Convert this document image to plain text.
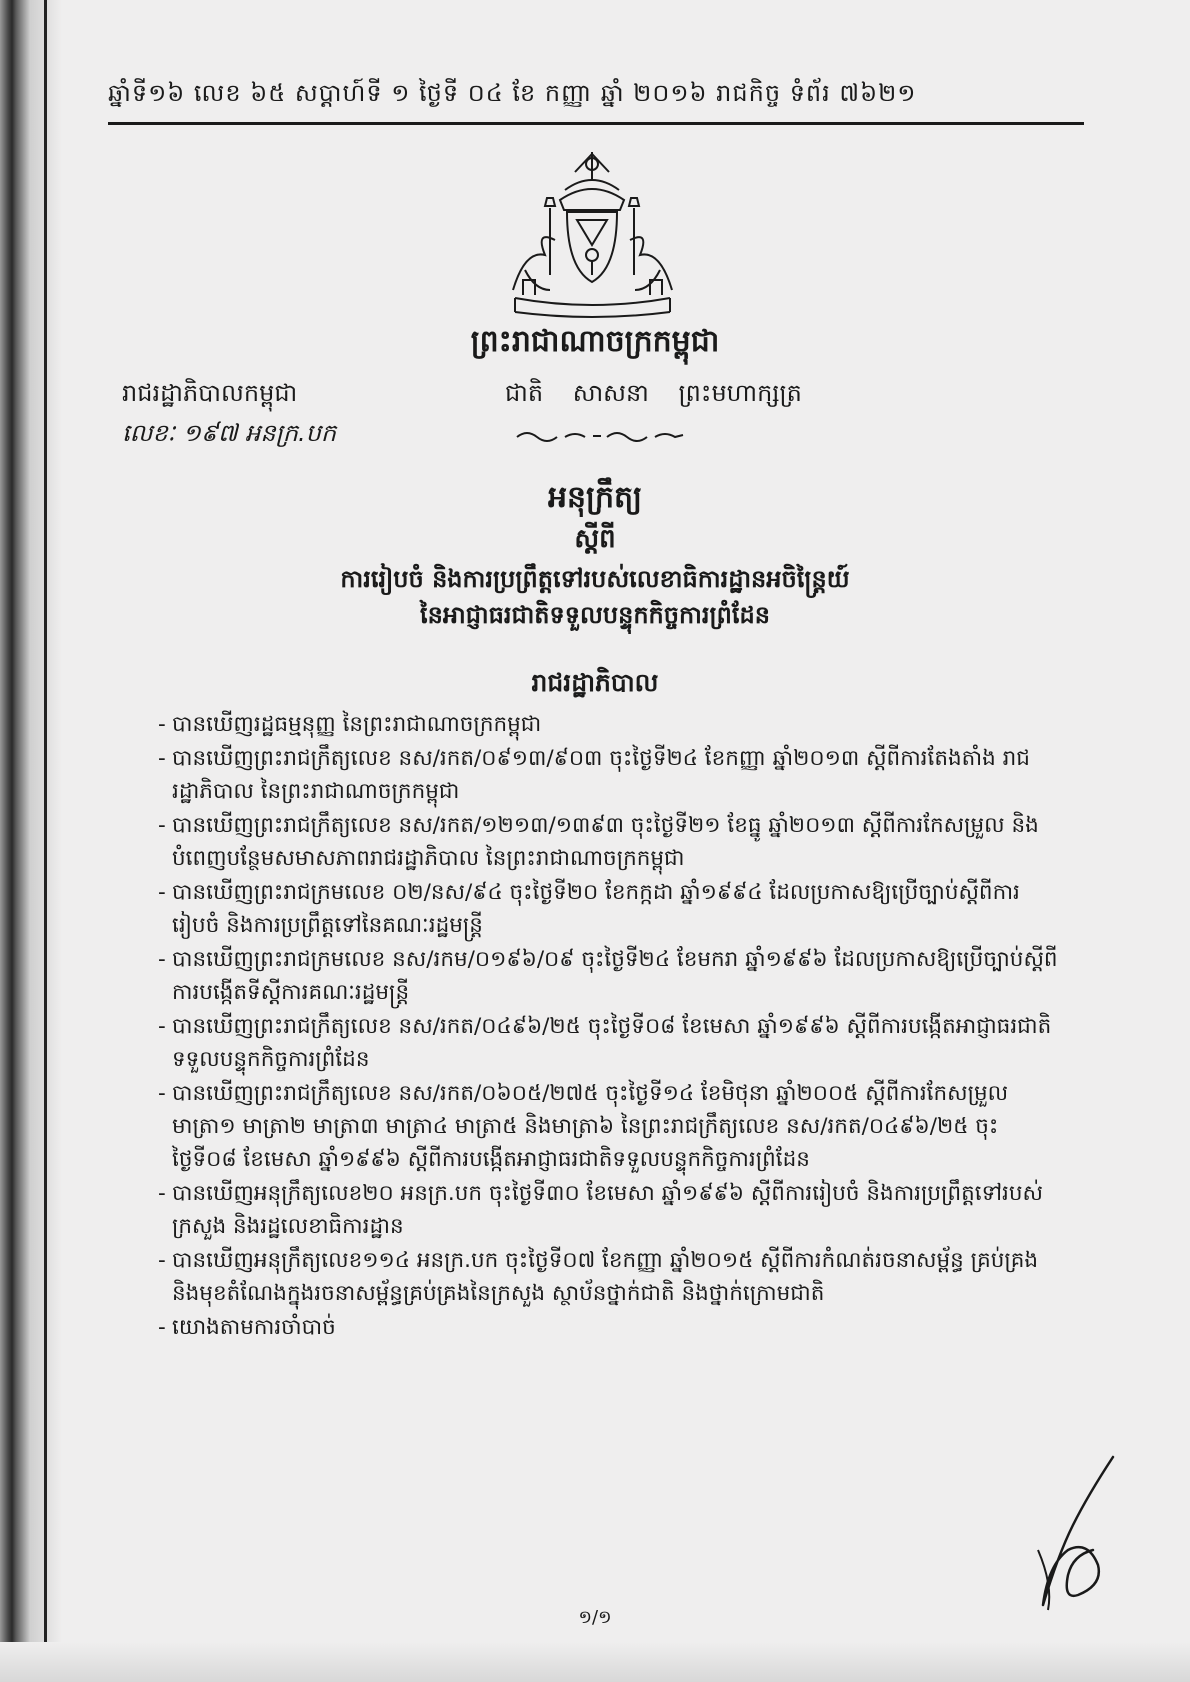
ឆ្នាំទី១៦ លេខ ៦៥ សប្ដាហ៍ទី ១ ថ្ងៃទី ០៤ ខែ កញ្ញា ឆ្នាំ ២០១៦ រាជកិច្ច ទំព័រ ៧៦២១
ព្រះរាជាណាចក្រកម្ពុជា
រាជរដ្ឋាភិបាលកម្ពុជា	ជាតិ សាសនា ព្រះមហាក្សត្រ
លេខៈ ១៩៧ អនក្រ.បក
អនុក្រឹត្យ
ស្ដីពី
ការរៀបចំ និងការប្រព្រឹត្តទៅរបស់លេខាធិការដ្ឋានអចិន្ត្រៃយ៍
នៃអាជ្ញាធរជាតិទទួលបន្ទុកកិច្ចការព្រំដែន
រាជរដ្ឋាភិបាល
- បានឃើញរដ្ឋធម្មនុញ្ញ នៃព្រះរាជាណាចក្រកម្ពុជា
- បានឃើញព្រះរាជក្រឹត្យលេខ នស/រកត/០៩១៣/៩០៣ ចុះថ្ងៃទី២៤ ខែកញ្ញា ឆ្នាំ២០១៣ ស្ដីពីការតែងតាំង រាជរដ្ឋាភិបាល នៃព្រះរាជាណាចក្រកម្ពុជា
- បានឃើញព្រះរាជក្រឹត្យលេខ នស/រកត/១២១៣/១៣៩៣ ចុះថ្ងៃទី២១ ខែធ្នូ ឆ្នាំ២០១៣ ស្ដីពីការកែសម្រួល និងបំពេញបន្ថែមសមាសភាពរាជរដ្ឋាភិបាល នៃព្រះរាជាណាចក្រកម្ពុជា
- បានឃើញព្រះរាជក្រមលេខ ០២/នស/៩៤ ចុះថ្ងៃទី២០ ខែកក្កដា ឆ្នាំ១៩៩៤ ដែលប្រកាសឱ្យប្រើច្បាប់ស្ដីពីការរៀបចំ និងការប្រព្រឹត្តទៅនៃគណៈរដ្ឋមន្ត្រី
- បានឃើញព្រះរាជក្រមលេខ នស/រកម/០១៩៦/០៩ ចុះថ្ងៃទី២៤ ខែមករា ឆ្នាំ១៩៩៦ ដែលប្រកាសឱ្យប្រើច្បាប់ស្ដីពីការបង្កើតទីស្ដីការគណៈរដ្ឋមន្ត្រី
- បានឃើញព្រះរាជក្រឹត្យលេខ នស/រកត/០៤៩៦/២៥ ចុះថ្ងៃទី០៨ ខែមេសា ឆ្នាំ១៩៩៦ ស្ដីពីការបង្កើតអាជ្ញាធរជាតិទទួលបន្ទុកកិច្ចការព្រំដែន
- បានឃើញព្រះរាជក្រឹត្យលេខ នស/រកត/០៦០៥/២៧៥ ចុះថ្ងៃទី១៤ ខែមិថុនា ឆ្នាំ២០០៥ ស្ដីពីការកែសម្រួល មាត្រា១ មាត្រា២ មាត្រា៣ មាត្រា៤ មាត្រា៥ និងមាត្រា៦ នៃព្រះរាជក្រឹត្យលេខ នស/រកត/០៤៩៦/២៥ ចុះថ្ងៃទី០៨ ខែមេសា ឆ្នាំ១៩៩៦ ស្ដីពីការបង្កើតអាជ្ញាធរជាតិទទួលបន្ទុកកិច្ចការព្រំដែន
- បានឃើញអនុក្រឹត្យលេខ២០ អនក្រ.បក ចុះថ្ងៃទី៣០ ខែមេសា ឆ្នាំ១៩៩៦ ស្ដីពីការរៀបចំ និងការប្រព្រឹត្តទៅរបស់ក្រសួង និងរដ្ឋលេខាធិការដ្ឋាន
- បានឃើញអនុក្រឹត្យលេខ១១៤ អនក្រ.បក ចុះថ្ងៃទី០៧ ខែកញ្ញា ឆ្នាំ២០១៥ ស្ដីពីការកំណត់រចនាសម្ព័ន្ធ គ្រប់គ្រង និងមុខតំណែងក្នុងរចនាសម្ព័ន្ធគ្រប់គ្រងនៃក្រសួង ស្ថាប័នថ្នាក់ជាតិ និងថ្នាក់ក្រោមជាតិ
- យោងតាមការចាំបាច់
១/១
